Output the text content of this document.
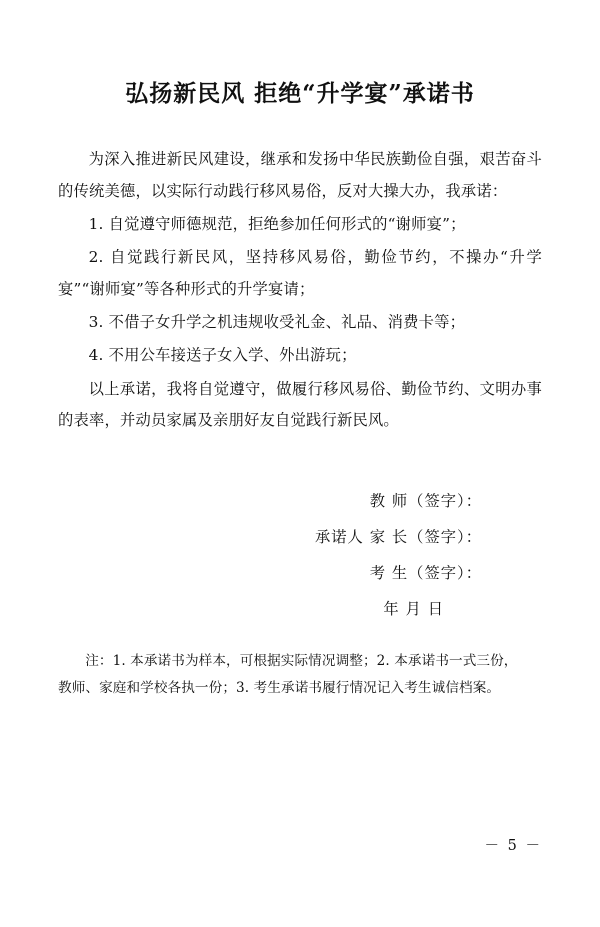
弘扬新民风 拒绝“升学宴”承诺书

为深入推进新民风建设，继承和发扬中华民族勤俭自强，艰苦奋斗的传统美德，以实际行动践行移风易俗，反对大操大办，我承诺：

1. 自觉遵守师德规范，拒绝参加任何形式的“谢师宴”；

2. 自觉践行新民风，坚持移风易俗，勤俭节约，不操办“升学宴”“谢师宴”等各种形式的升学宴请；

3. 不借子女升学之机违规收受礼金、礼品、消费卡等；

4. 不用公车接送子女入学、外出游玩；

以上承诺，我将自觉遵守，做履行移风易俗、勤俭节约、文明办事的表率，并动员家属及亲朋好友自觉践行新民风。

教 师（签字）：
承诺人 家 长（签字）：
考 生（签字）：
年 月 日

注：1. 本承诺书为样本，可根据实际情况调整；2. 本承诺书一式三份，

教师、家庭和学校各执一份；3. 考生承诺书履行情况记入考生诚信档案。

－ 5 －
